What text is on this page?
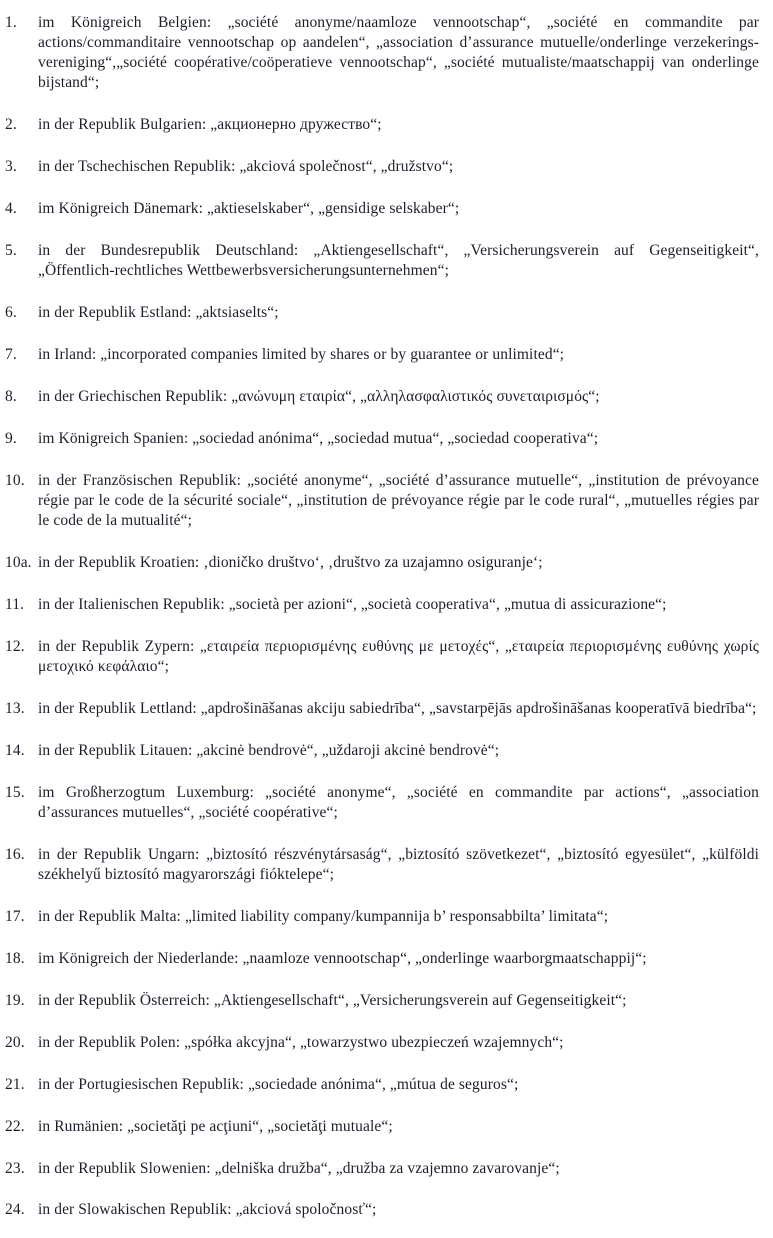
1. im Königreich Belgien: „société anonyme/naamloze vennootschap“, „société en commandite par actions/commanditaire vennootschap op aandelen“, „association d’assurance mutuelle/onderlinge verzekerings-vereniging“,„société coopérative/coöperatieve vennootschap“, „société mutualiste/maatschappij van onderlinge bijstand“;
2. in der Republik Bulgarien: „акционерно дружество“;
3. in der Tschechischen Republik: „akciová společnost“, „družstvo“;
4. im Königreich Dänemark: „aktieselskaber“, „gensidige selskaber“;
5. in der Bundesrepublik Deutschland: „Aktiengesellschaft“, „Versicherungsverein auf Gegenseitigkeit“, „Öffentlich-rechtliches Wettbewerbsversicherungsunternehmen“;
6. in der Republik Estland: „aktsiaselts“;
7. in Irland: „incorporated companies limited by shares or by guarantee or unlimited“;
8. in der Griechischen Republik: „ανώνυμη εταιρία“, „αλληλασφαλιστικός συνεταιρισμός“;
9. im Königreich Spanien: „sociedad anónima“, „sociedad mutua“, „sociedad cooperativa“;
10. in der Französischen Republik: „société anonyme“, „société d’assurance mutuelle“, „institution de prévoyance régie par le code de la sécurité sociale“, „institution de prévoyance régie par le code rural“, „mutuelles régies par le code de la mutualité“;
10a. in der Republik Kroatien: ‚dioničko društvo‘, ‚društvo za uzajamno osiguranje‘;
11. in der Italienischen Republik: „società per azioni“, „società cooperativa“, „mutua di assicurazione“;
12. in der Republik Zypern: „εταιρεία περιορισμένης ευθύνης με μετοχές“, „εταιρεία περιορισμένης ευθύνης χωρίς μετοχικό κεφάλαιο“;
13. in der Republik Lettland: „apdrošināšanas akciju sabiedrība“, „savstarpējās apdrošināšanas kooperatīvā biedrība“;
14. in der Republik Litauen: „akcinė bendrovė“, „uždaroji akcinė bendrovė“;
15. im Großherzogtum Luxemburg: „société anonyme“, „société en commandite par actions“, „association d’assurances mutuelles“, „société coopérative“;
16. in der Republik Ungarn: „biztosító részvénytársaság“, „biztosító szövetkezet“, „biztosító egyesület“, „külföldi székhelyű biztosító magyarországi fióktelepe“;
17. in der Republik Malta: „limited liability company/kumpannija b’ responsabbilta’ limitata“;
18. im Königreich der Niederlande: „naamloze vennootschap“, „onderlinge waarborgmaatschappij“;
19. in der Republik Österreich: „Aktiengesellschaft“, „Versicherungsverein auf Gegenseitigkeit“;
20. in der Republik Polen: „spółka akcyjna“, „towarzystwo ubezpieczeń wzajemnych“;
21. in der Portugiesischen Republik: „sociedade anónima“, „mútua de seguros“;
22. in Rumänien: „societăţi pe acţiuni“, „societăţi mutuale“;
23. in der Republik Slowenien: „delniška družba“, „družba za vzajemno zavarovanje“;
24. in der Slowakischen Republik: „akciová spoločnosť“;
